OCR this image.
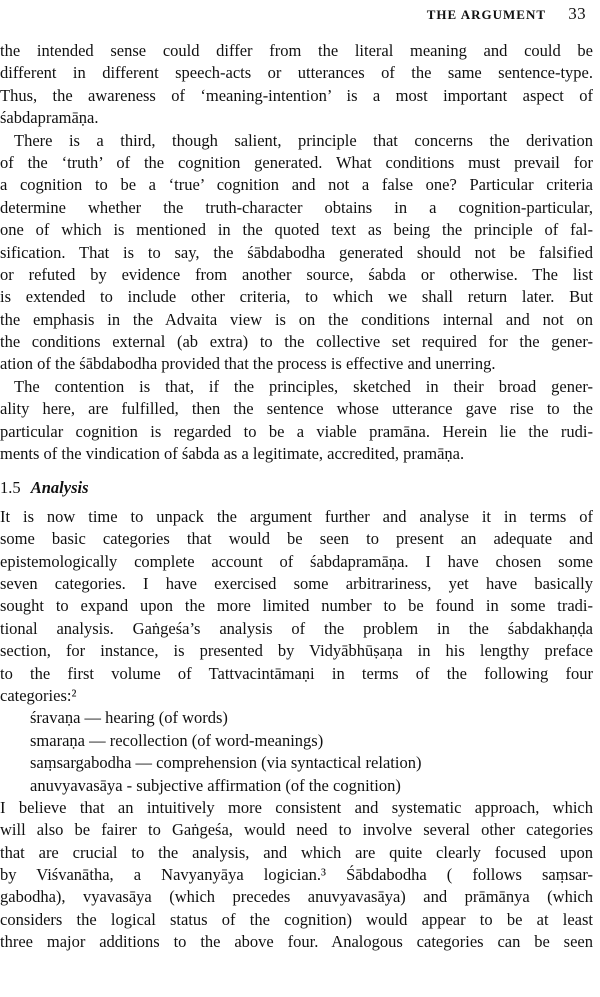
THE ARGUMENT 33
the intended sense could differ from the literal meaning and could be
different in different speech-acts or utterances of the same sentence-type.
Thus, the awareness of ‘meaning-intention’ is a most important aspect of
śabdapramāṇa.
There is a third, though salient, principle that concerns the derivation
of the ‘truth’ of the cognition generated. What conditions must prevail for
a cognition to be a ‘true’ cognition and not a false one? Particular criteria
determine whether the truth-character obtains in a cognition-particular,
one of which is mentioned in the quoted text as being the principle of fal-
sification. That is to say, the śābdabodha generated should not be falsified
or refuted by evidence from another source, śabda or otherwise. The list
is extended to include other criteria, to which we shall return later. But
the emphasis in the Advaita view is on the conditions internal and not on
the conditions external (ab extra) to the collective set required for the gener-
ation of the śābdabodha provided that the process is effective and unerring.
The contention is that, if the principles, sketched in their broad gener-
ality here, are fulfilled, then the sentence whose utterance gave rise to the
particular cognition is regarded to be a viable pramāna. Herein lie the rudi-
ments of the vindication of śabda as a legitimate, accredited, pramāṇa.
1.5 Analysis
It is now time to unpack the argument further and analyse it in terms of
some basic categories that would be seen to present an adequate and
epistemologically complete account of śabdapramāṇa. I have chosen some
seven categories. I have exercised some arbitrariness, yet have basically
sought to expand upon the more limited number to be found in some tradi-
tional analysis. Gaṅgeśa’s analysis of the problem in the śabdakhaṇḍa
section, for instance, is presented by Vidyābhūṣaṇa in his lengthy preface
to the first volume of Tattvacintāmaṇi in terms of the following four
categories:²
śravaṇa — hearing (of words)
smaraṇa — recollection (of word-meanings)
saṃsargabodha — comprehension (via syntactical relation)
anuvyavasāya - subjective affirmation (of the cognition)
I believe that an intuitively more consistent and systematic approach, which
will also be fairer to Gaṅgeśa, would need to involve several other categories
that are crucial to the analysis, and which are quite clearly focused upon
by Viśvanātha, a Navyanyāya logician.³ Śābdabodha ( follows saṃsar-
gabodha), vyavasāya (which precedes anuvyavasāya) and prāmānya (which
considers the logical status of the cognition) would appear to be at least
three major additions to the above four. Analogous categories can be seen
